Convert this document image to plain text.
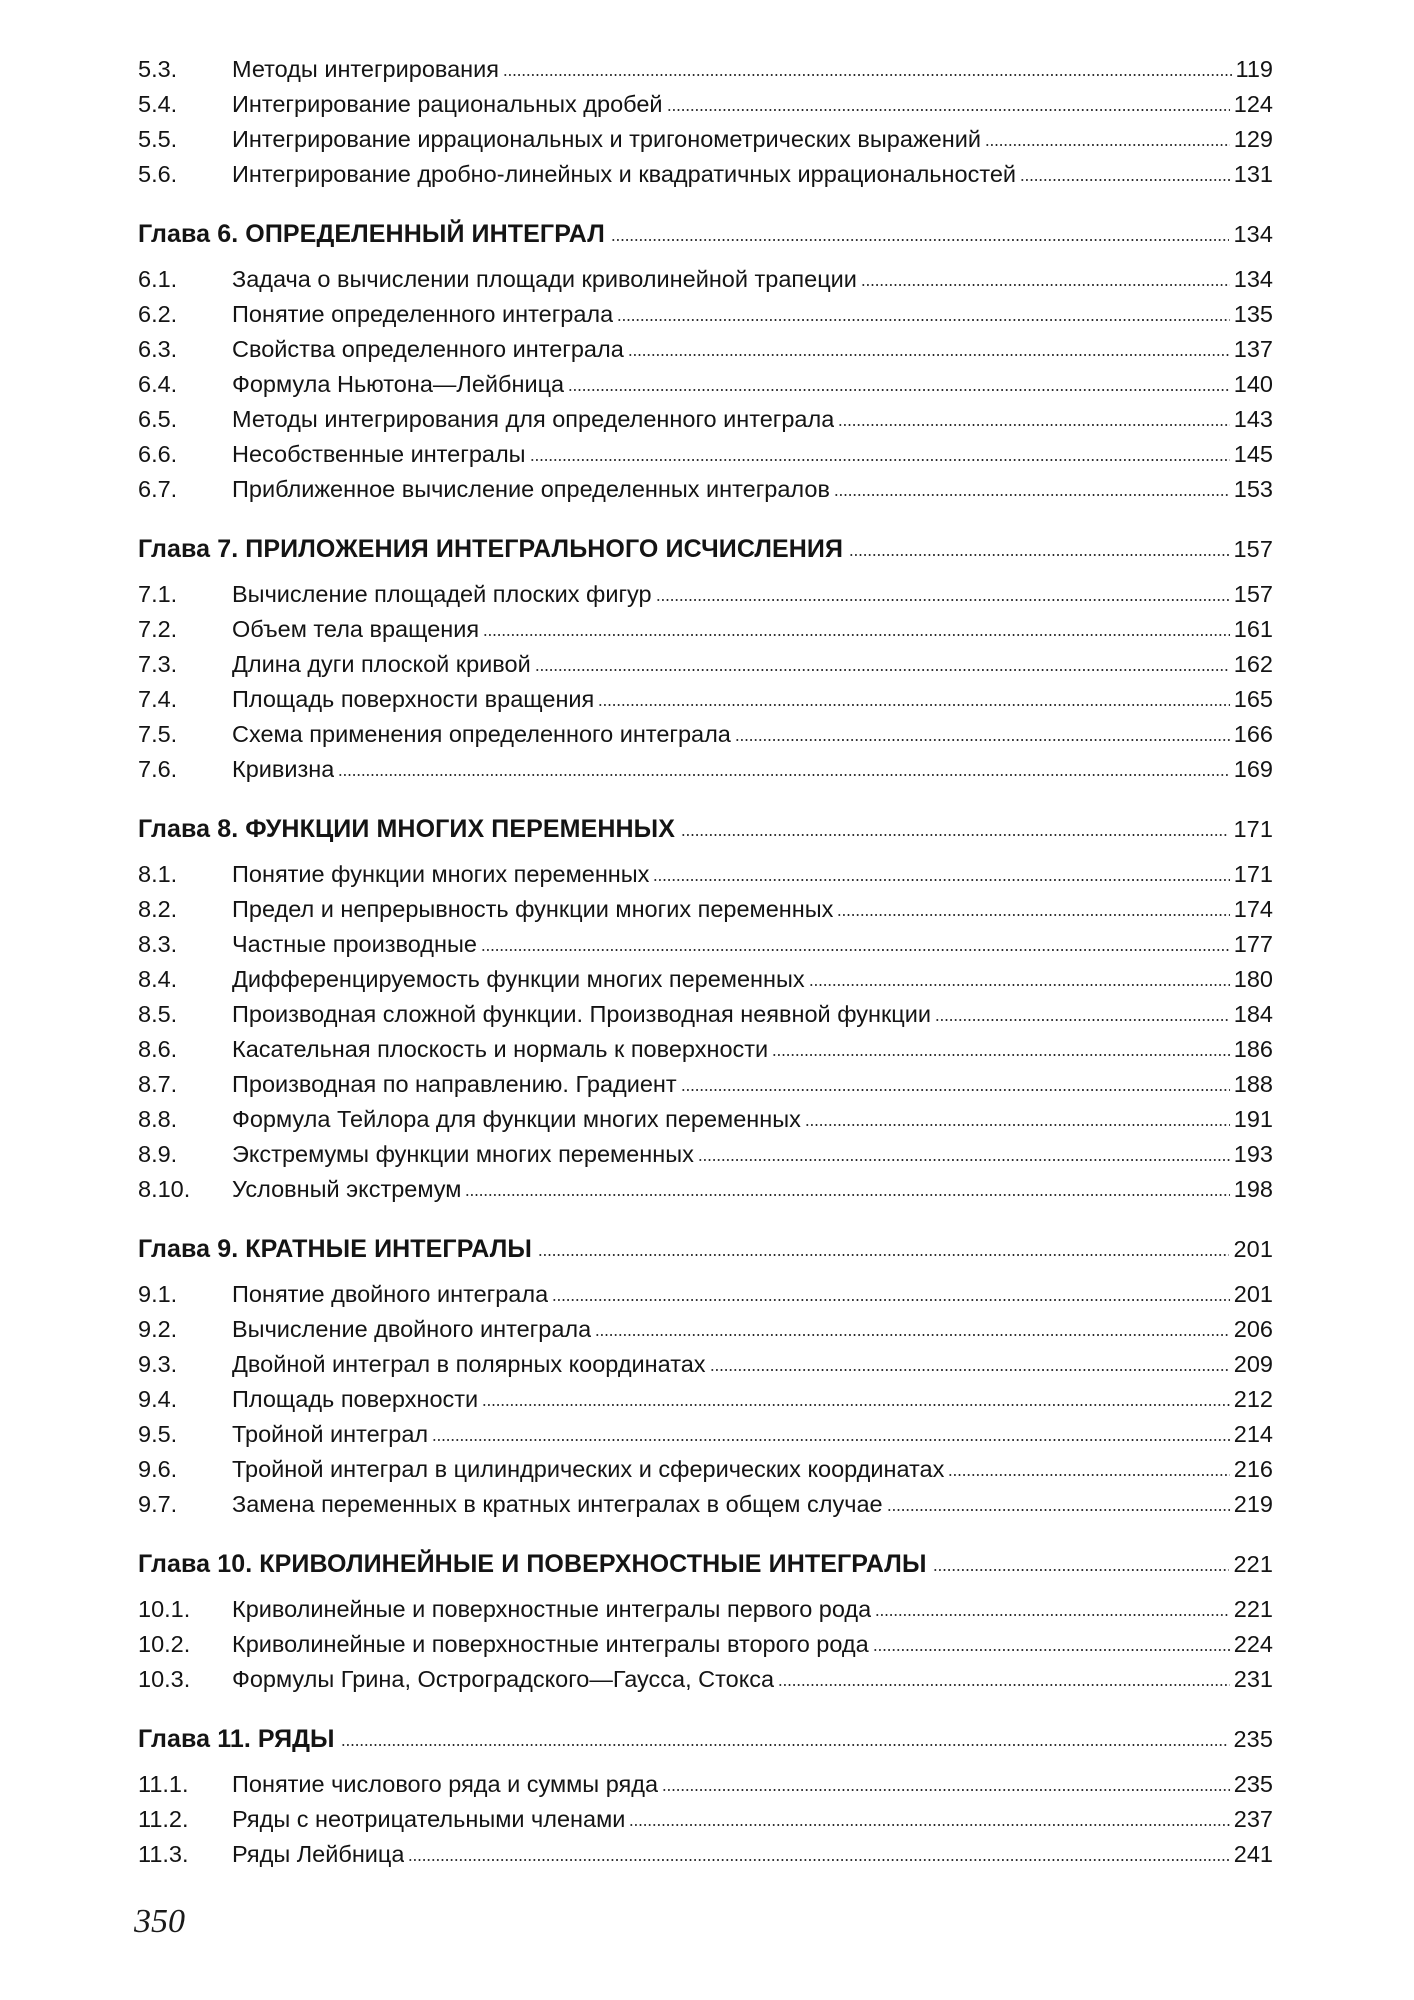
5.3.	Методы интегрирования	119
5.4.	Интегрирование рациональных дробей	124
5.5.	Интегрирование иррациональных и тригонометрических выражений	129
5.6.	Интегрирование дробно-линейных и квадратичных иррациональностей	131
Глава 6. ОПРЕДЕЛЕННЫЙ ИНТЕГРАЛ	134
6.1.	Задача о вычислении площади криволинейной трапеции	134
6.2.	Понятие определенного интеграла	135
6.3.	Свойства определенного интеграла	137
6.4.	Формула Ньютона—Лейбница	140
6.5.	Методы интегрирования для определенного интеграла	143
6.6.	Несобственные интегралы	145
6.7.	Приближенное вычисление определенных интегралов	153
Глава 7. ПРИЛОЖЕНИЯ ИНТЕГРАЛЬНОГО ИСЧИСЛЕНИЯ	157
7.1.	Вычисление площадей плоских фигур	157
7.2.	Объем тела вращения	161
7.3.	Длина дуги плоской кривой	162
7.4.	Площадь поверхности вращения	165
7.5.	Схема применения определенного интеграла	166
7.6.	Кривизна	169
Глава 8. ФУНКЦИИ МНОГИХ ПЕРЕМЕННЫХ	171
8.1.	Понятие функции многих переменных	171
8.2.	Предел и непрерывность функции многих переменных	174
8.3.	Частные производные	177
8.4.	Дифференцируемость функции многих переменных	180
8.5.	Производная сложной функции. Производная неявной функции	184
8.6.	Касательная плоскость и нормаль к поверхности	186
8.7.	Производная по направлению. Градиент	188
8.8.	Формула Тейлора для функции многих переменных	191
8.9.	Экстремумы функции многих переменных	193
8.10.	Условный экстремум	198
Глава 9. КРАТНЫЕ ИНТЕГРАЛЫ	201
9.1.	Понятие двойного интеграла	201
9.2.	Вычисление двойного интеграла	206
9.3.	Двойной интеграл в полярных координатах	209
9.4.	Площадь поверхности	212
9.5.	Тройной интеграл	214
9.6.	Тройной интеграл в цилиндрических и сферических координатах	216
9.7.	Замена переменных в кратных интегралах в общем случае	219
Глава 10. КРИВОЛИНЕЙНЫЕ И ПОВЕРХНОСТНЫЕ ИНТЕГРАЛЫ	221
10.1.	Криволинейные и поверхностные интегралы первого рода	221
10.2.	Криволинейные и поверхностные интегралы второго рода	224
10.3.	Формулы Грина, Остроградского—Гаусса, Стокса	231
Глава 11. РЯДЫ	235
11.1.	Понятие числового ряда и суммы ряда	235
11.2.	Ряды с неотрицательными членами	237
11.3.	Ряды Лейбница	241
350
